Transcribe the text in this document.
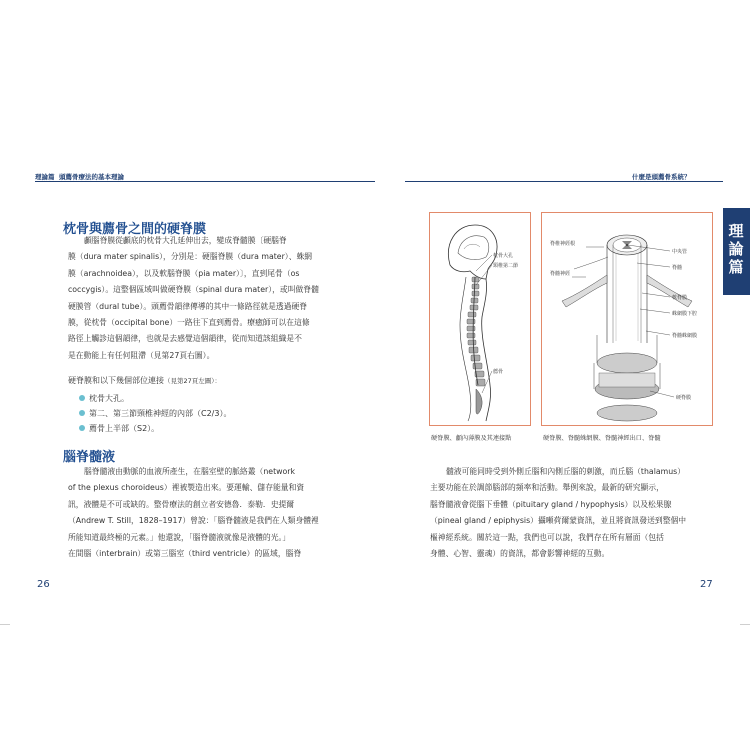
理論篇 頭薦骨療法的基本理論	什麼是頭薦骨系統？
理論篇
枕骨與薦骨之間的硬脊膜
顱腦脊膜從顱底的枕骨大孔延伸出去，變成脊髓膜〔硬腦脊
膜（dura mater spinalis），分別是：硬腦脊膜（dura mater）、蛛網
膜（arachnoidea），以及軟腦脊膜（pia mater）〕，直到尾骨（os
coccygis）。這整個區域叫做硬脊膜（spinal dura mater），或叫做脊髓
硬膜管（dural tube）。頭薦骨韻律傳導的其中一條路徑就是透過硬脊
膜，從枕骨（occipital bone）一路往下直到薦骨。療癒師可以在這條
路徑上觸診這個韻律，也就是去感覺這個韻律，從而知道該組織是不
是在動能上有任何阻滯（見第27頁右圖）。
硬脊膜和以下幾個部位連接（見第27頁左圖）：
枕骨大孔。
第二、第三節頸椎神經的內部（C2/3）。
薦骨上半部（S2）。
腦脊髓液
腦脊髓液由動脈的血液所產生，在腦室壁的脈絡叢（network
of the plexus choroideus）裡被製造出來。要運輸、儲存能量和資
訊，液體是不可或缺的。整骨療法的創立者安德魯．泰勒．史提爾
（Andrew T. Still，1828–1917）曾說：「腦脊髓液是我們在人類身體裡
所能知道最終極的元素。」他還說，「腦脊髓液就像是液體的光。」
在間腦（interbrain）或第三腦室（third ventricle）的區域，腦脊
髓液可能同時受到外側丘腦和內側丘腦的刺激，而丘腦（thalamus）
主要功能在於調節腦部的頻率和活動。舉例來說，最新的研究顯示，
腦脊髓液會從腦下垂體（pituitary gland / hypophysis）以及松果腺
（pineal gland / epiphysis）攝噸荷爾蒙資訊，並且將資訊發送到整個中
樞神經系統。關於這一點，我們也可以說，我們存在所有層面（包括
身體、心智、靈魂）的資訊，都會影響神經的互動。
枕骨大孔
頸椎第二節
薦骨
硬脊膜、顱內薄膜及其連接點
脊椎神經根
脊髓神經
中央管
脊髓
軟脊膜
蛛網膜下腔
脊髓蛛網膜
硬脊膜
硬脊膜、脊髓蛛網膜、脊髓神經出口、脊髓
26	27
